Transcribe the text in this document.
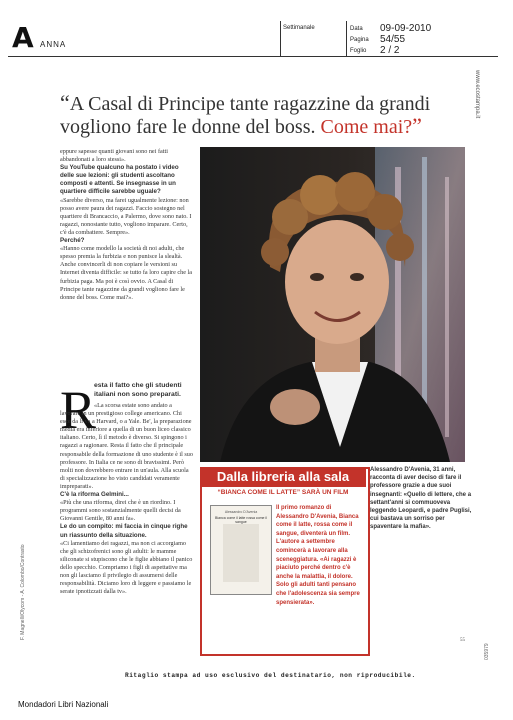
A ANNA
Settimanale	Data 09-09-2010
Pagina 54/55
Foglio 2 / 2
www.ecostampa.it
F. Magnelli/Olycom - A. Colombo/Contrasto
035979
“A Casal di Principe tante ragazzine da grandi vogliono fare le donne del boss. Come mai?”

eppure sapesse quanti giovani sono nei fatti abbandonati a loro stessi».

Su YouTube qualcuno ha postato i video delle sue lezioni: gli studenti ascoltano composti e attenti. Se insegnasse in un quartiere difficile sarebbe uguale?

«Sarebbe diverso, ma farei ugualmente lezione: non posso avere paura dei ragazzi. Faccio sostegno nel quartiere di Brancaccio, a Palermo, dove sono nato. I ragazzi, nonostante tutto, vogliono imparare. Certo, c'è da combattere. Sempre».

Perché?

«Hanno come modello la società di noi adulti, che spesso premia la furbizia e non punisce la slealtà. Anche convincerli di non copiare le versioni su Internet diventa difficile: se tutto fa loro capire che la furbizia paga. Ma poi è così ovvio. A Casal di Principe tante ragazzine da grandi vogliono fare le donne del boss. Come mai?».

R

esta il fatto che gli studenti italiani non sono preparati.

«La scorsa estate sono andato a lavorare in un prestigioso college americano. Chi esce da lì va a Harvard, o a Yale. Be', la preparazione media era inferiore a quella di un buon liceo classico italiano. Certo, lì il metodo è diverso. Si spingono i ragazzi a ragionare. Resta il fatto che il principale responsabile della formazione di uno studente è il suo professore. In Italia ce ne sono di bravissimi. Però molti non dovrebbero entrare in un'aula. Alla scuola di specializzazione ho visto candidati veramente impreparati».

C'è la riforma Gelmini...

«Più che una riforma, direi che è un riordino. I programmi sono sostanzialmente quelli decisi da Giovanni Gentile, 80 anni fa».

Le do un compito: mi faccia in cinque righe un riassunto della situazione.

«Ci lamentiamo dei ragazzi, ma non ci accorgiamo che gli schizofrenici sono gli adulti: le mamme siliconate si stupiscono che le figlie abbiano il panico dello specchio. Compriamo i figli di aspettative ma non gli lasciamo il privilegio di assumersi delle responsabilità. Diciamo loro di leggere e passiamo le serate ipnotizzati dalla tv».

Alessandro D'Avenia, 31 anni, racconta di aver deciso di fare il professore grazie a due suoi insegnanti: «Quello di lettere, che a settant'anni si commuoveva leggendo Leopardi, e padre Puglisi, cui bastava un sorriso per spaventare la mafia».
Dalla libreria alla sala
“BIANCA COME IL LATTE” SARÀ UN FILM
Alessandro D'Avenia
Bianca come il latte rossa come il sangue
Il primo romanzo di Alessandro D'Avenia, Bianca come il latte, rossa come il sangue, diventerà un film. L'autore a settembre comincerà a lavorare alla sceneggiatura. «Ai ragazzi è piaciuto perché dentro c'è anche la malattia, il dolore. Solo gli adulti tanti pensano che l'adolescenza sia sempre spensierata».
55
Ritaglio stampa ad uso esclusivo del destinatario, non riproducibile.
Mondadori Libri Nazionali
